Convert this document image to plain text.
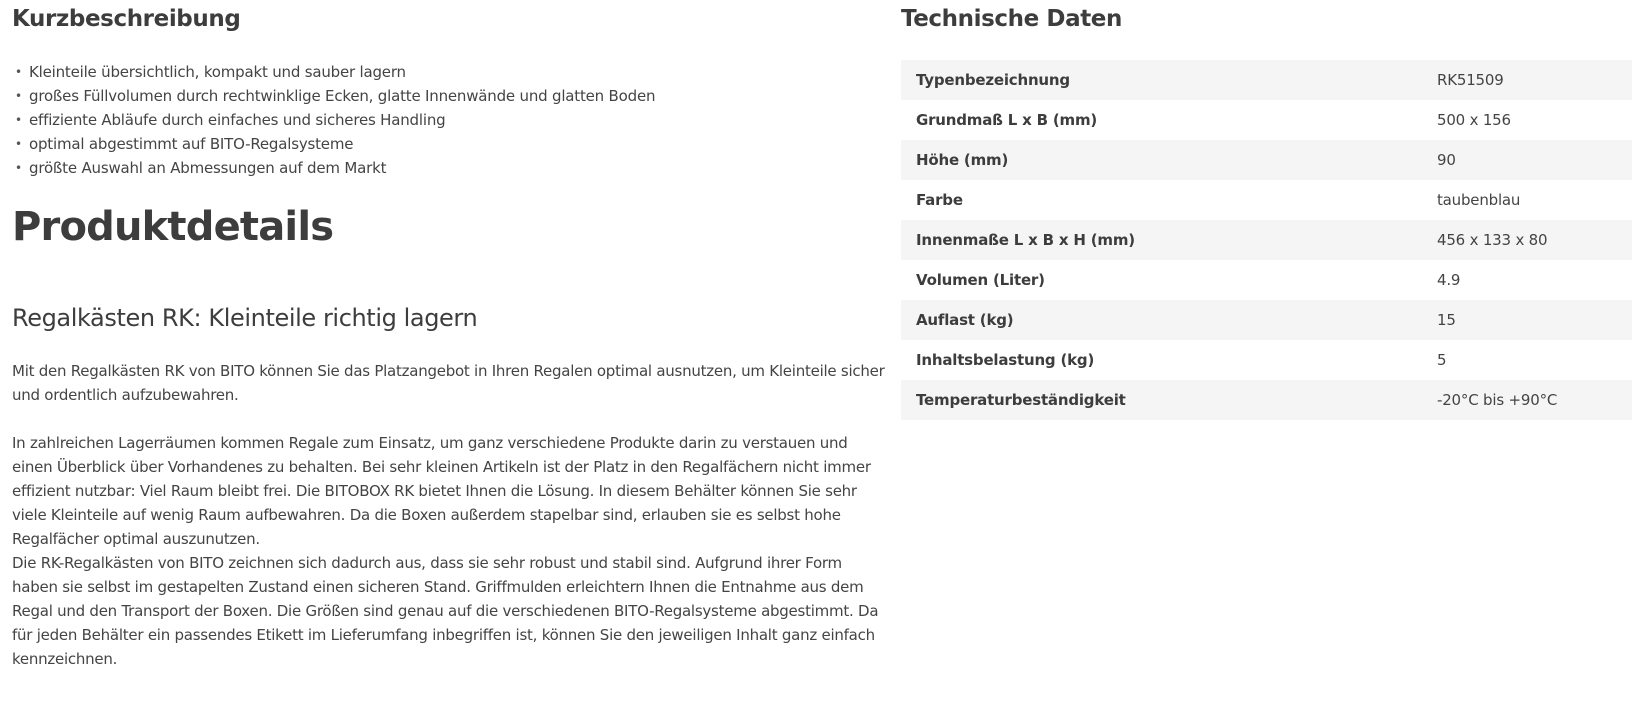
Kurzbeschreibung
• Kleinteile übersichtlich, kompakt und sauber lagern
• großes Füllvolumen durch rechtwinklige Ecken, glatte Innenwände und glatten Boden
• effiziente Abläufe durch einfaches und sicheres Handling
• optimal abgestimmt auf BITO-Regalsysteme
• größte Auswahl an Abmessungen auf dem Markt
Produktdetails
Regalkästen RK: Kleinteile richtig lagern

Mit den Regalkästen RK von BITO können Sie das Platzangebot in Ihren Regalen optimal ausnutzen, um Kleinteile sicher und ordentlich aufzubewahren.

In zahlreichen Lagerräumen kommen Regale zum Einsatz, um ganz verschiedene Produkte darin zu verstauen und einen Überblick über Vorhandenes zu behalten. Bei sehr kleinen Artikeln ist der Platz in den Regalfächern nicht immer effizient nutzbar: Viel Raum bleibt frei. Die BITOBOX RK bietet Ihnen die Lösung. In diesem Behälter können Sie sehr viele Kleinteile auf wenig Raum aufbewahren. Da die Boxen außerdem stapelbar sind, erlauben sie es selbst hohe Regalfächer optimal auszunutzen.

Die RK-Regalkästen von BITO zeichnen sich dadurch aus, dass sie sehr robust und stabil sind. Aufgrund ihrer Form haben sie selbst im gestapelten Zustand einen sicheren Stand. Griffmulden erleichtern Ihnen die Entnahme aus dem Regal und den Transport der Boxen. Die Größen sind genau auf die verschiedenen BITO-Regalsysteme abgestimmt. Da für jeden Behälter ein passendes Etikett im Lieferumfang inbegriffen ist, können Sie den jeweiligen Inhalt ganz einfach kennzeichnen.

Technische Daten
Typenbezeichnung	RK51509
Grundmaß L x B (mm)	500 x 156
Höhe (mm)	90
Farbe	taubenblau
Innenmaße L x B x H (mm)	456 x 133 x 80
Volumen (Liter)	4.9
Auflast (kg)	15
Inhaltsbelastung (kg)	5
Temperaturbeständigkeit	-20°C bis +90°C
